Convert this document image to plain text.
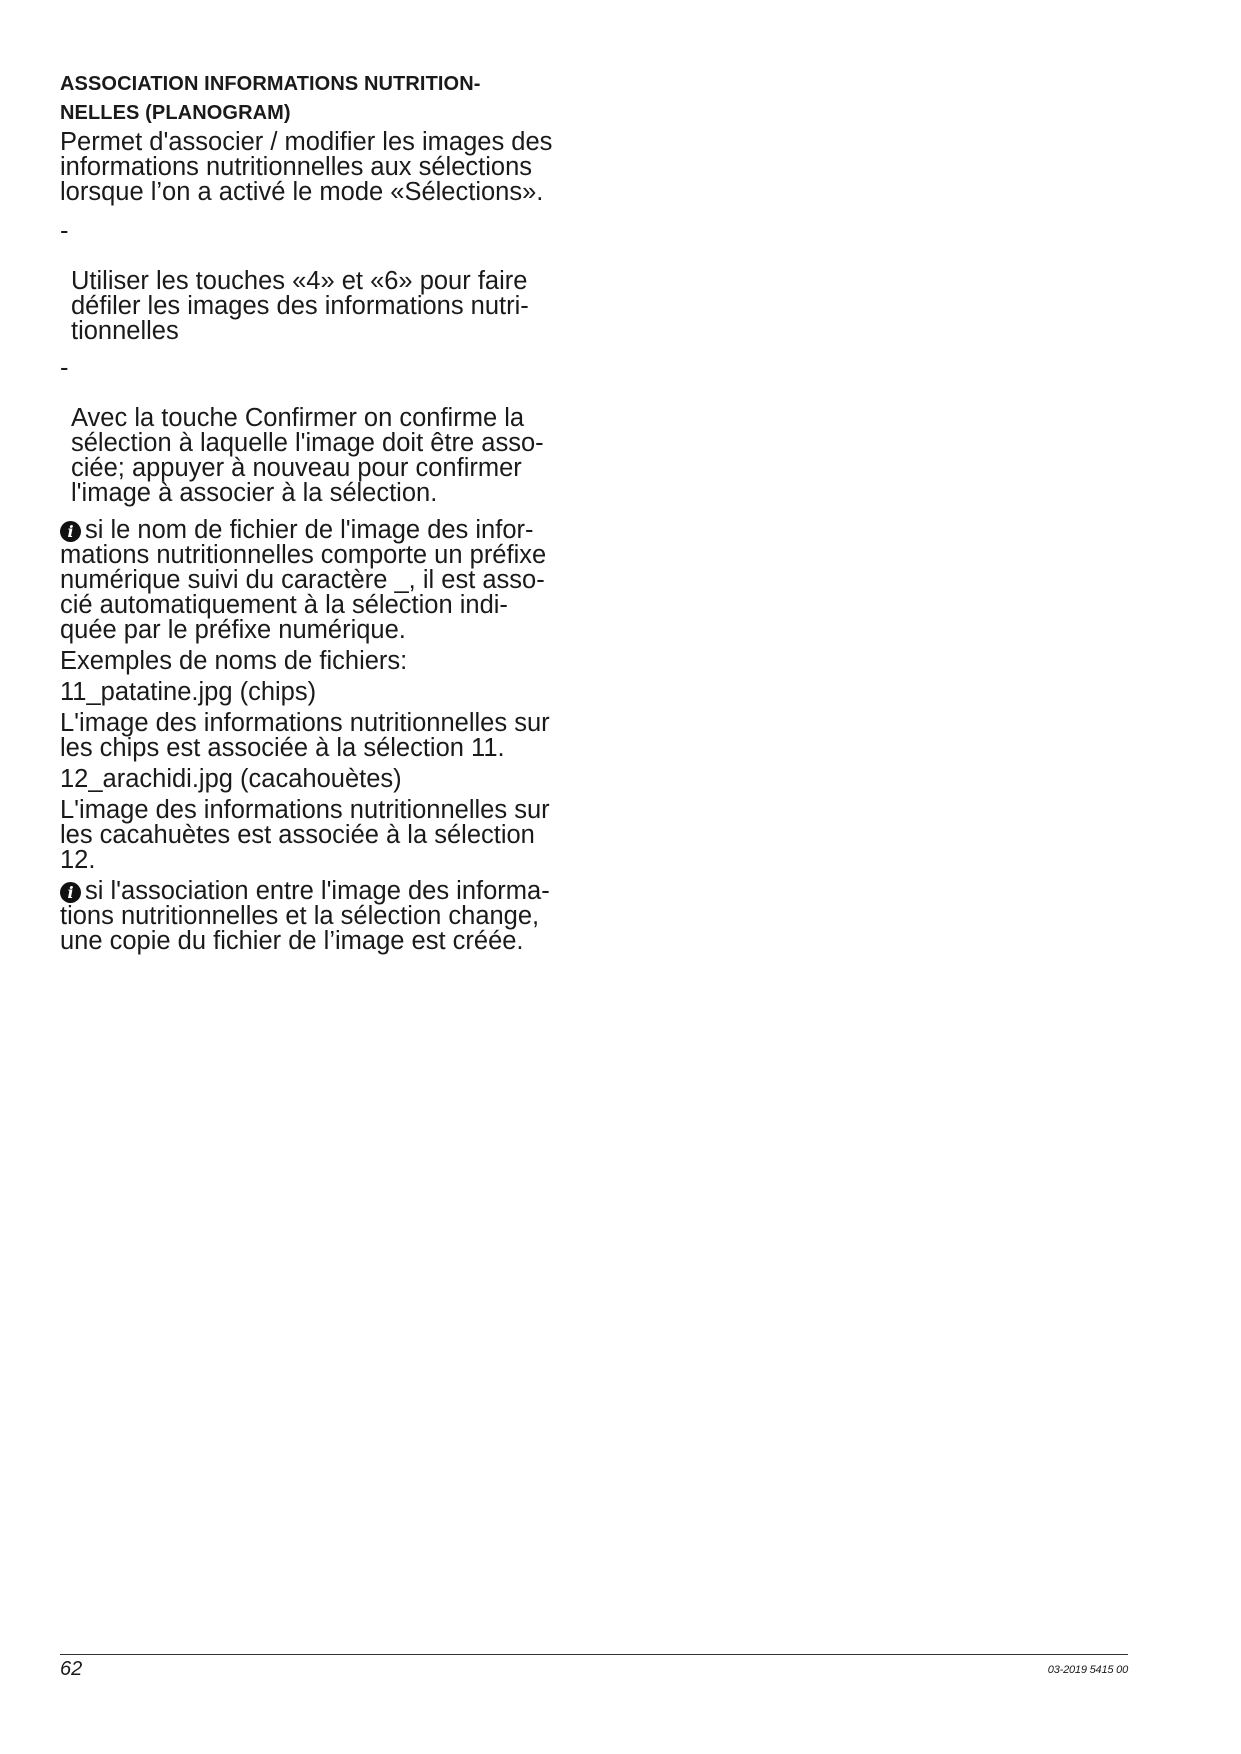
ASSOCIATION INFORMATIONS NUTRITION-
NELLES (PLANOGRAM)
Permet d'associer / modifier les images des
informations nutritionnelles aux sélections
lorsque l’on a activé le mode «Sélections».

-

Utiliser les touches «4» et «6» pour faire
défiler les images des informations nutri-
tionnelles

-

Avec la touche Confirmer on confirme la
sélection à laquelle l'image doit être asso-
ciée; appuyer à nouveau pour confirmer
l'image à associer à la sélection.

i si le nom de fichier de l'image des infor-
mations nutritionnelles comporte un préfixe
numérique suivi du caractère _, il est asso-
cié automatiquement à la sélection indi-
quée par le préfixe numérique.
Exemples de noms de fichiers:
11_patatine.jpg (chips)
L'image des informations nutritionnelles sur
les chips est associée à la sélection 11.
12_arachidi.jpg (cacahouètes)
L'image des informations nutritionnelles sur
les cacahuètes est associée à la sélection
12.
i si l'association entre l'image des informa-
tions nutritionnelles et la sélection change,
une copie du fichier de l’image est créée.
62	03-2019 5415 00
